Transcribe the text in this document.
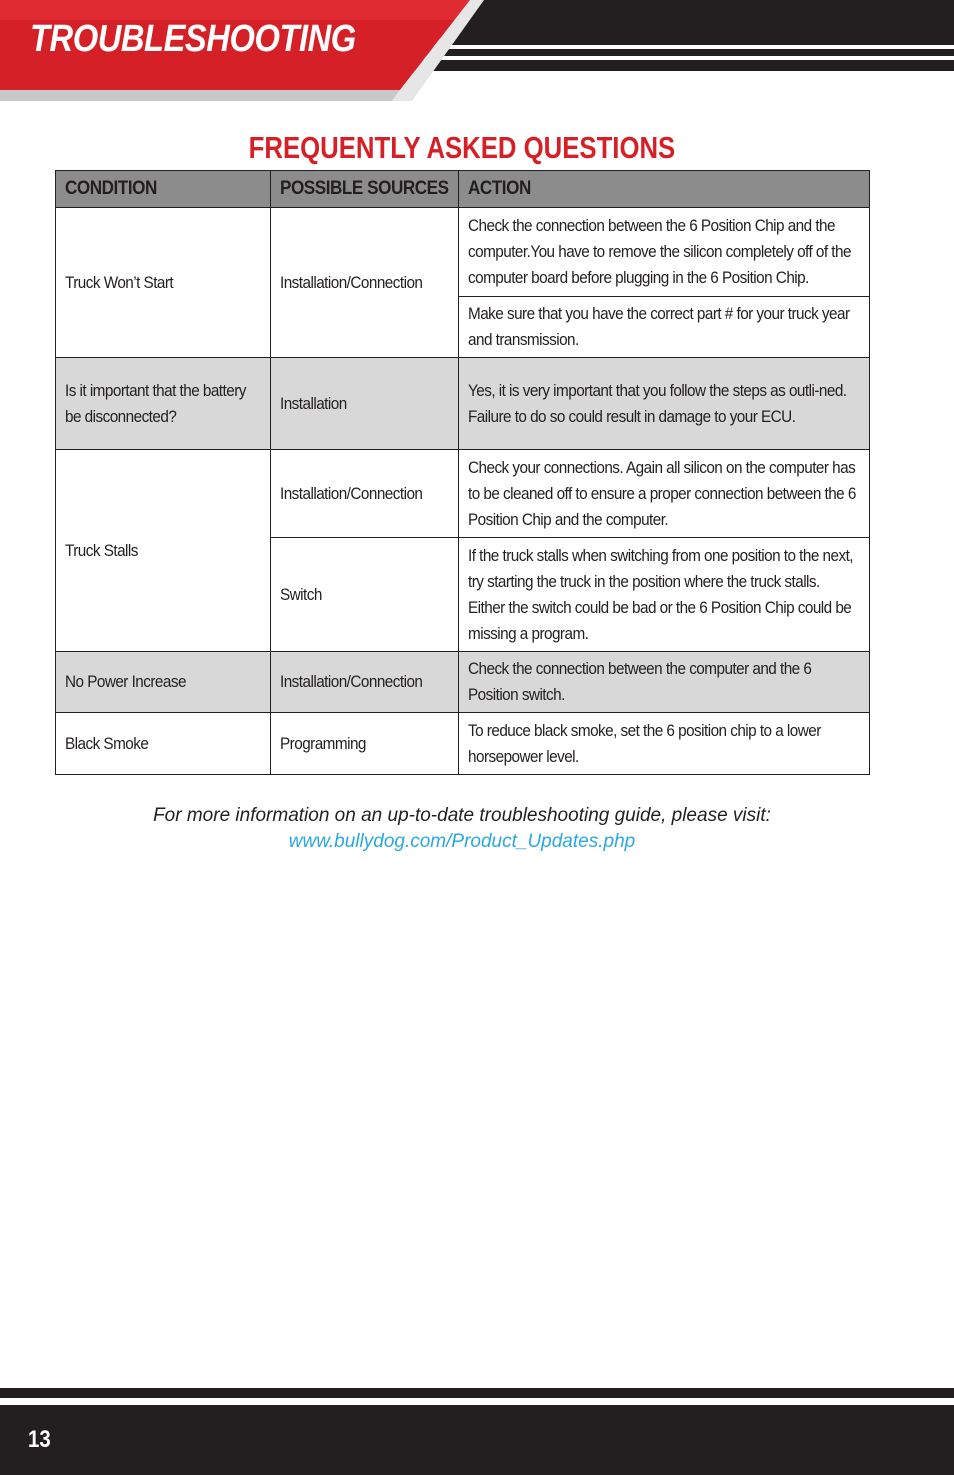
TROUBLESHOOTING
FREQUENTLY ASKED QUESTIONS
CONDITION	POSSIBLE SOURCES	ACTION
Truck Won’t Start	Installation/Connection	Check the connection between the 6 Position Chip and the computer.You have to remove the silicon completely off of the computer board before plugging in the 6 Position Chip.
		Make sure that you have the correct part # for your truck year and transmission.
Is it important that the battery be disconnected?	Installation	Yes, it is very important that you follow the steps as outli-ned. Failure to do so could result in damage to your ECU.
Truck Stalls	Installation/Connection	Check your connections. Again all silicon on the computer has to be cleaned off to ensure a proper connection between the 6 Position Chip and the computer.
	Switch	If the truck stalls when switching from one position to the next, try starting the truck in the position where the truck stalls. Either the switch could be bad or the 6 Position Chip could be missing a program.
No Power Increase	Installation/Connection	Check the connection between the computer and the 6 Position switch.
Black Smoke	Programming	To reduce black smoke, set the 6 position chip to a lower horsepower level.
For more information on an up-to-date troubleshooting guide, please visit:
www.bullydog.com/Product_Updates.php
13
